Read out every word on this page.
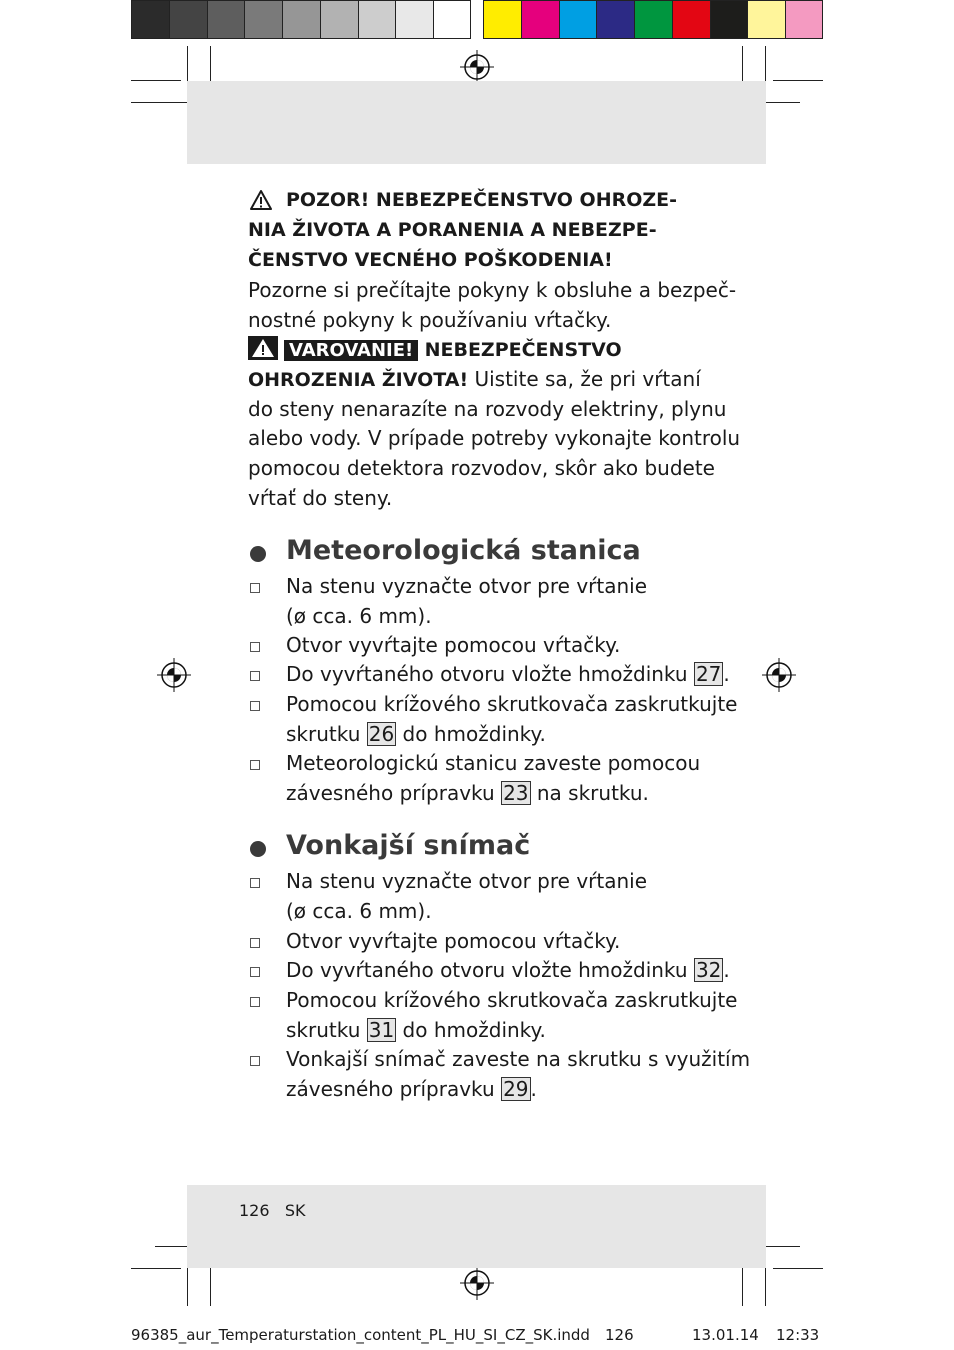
POZOR! NEBEZPEČENSTVO OHROZE-
NIA ŽIVOTA A PORANENIA A NEBEZPE-
ČENSTVO VECNÉHO POŠKODENIA!
Pozorne si prečítajte pokyny k obsluhe a bezpeč-
nostné pokyny k používaniu vŕtačky.
VAROVANIE! NEBEZPEČENSTVO
OHROZENIA ŽIVOTA! Uistite sa, že pri vŕtaní
do steny nenarazíte na rozvody elektriny, plynu
alebo vody. V prípade potreby vykonajte kontrolu
pomocou detektora rozvodov, skôr ako budete
vŕtať do steny.
Meteorologická stanica
Na stenu vyznačte otvor pre vŕtanie
(ø cca. 6 mm).
Otvor vyvŕtajte pomocou vŕtačky.
Do vyvŕtaného otvoru vložte hmoždinku 27 .
Pomocou krížového skrutkovača zaskrutkujte
skrutku 26 do hmoždinky.
Meteorologickú stanicu zaveste pomocou
závesného prípravku 23 na skrutku.
Vonkajší snímač
Na stenu vyznačte otvor pre vŕtanie
(ø cca. 6 mm).
Otvor vyvŕtajte pomocou vŕtačky.
Do vyvŕtaného otvoru vložte hmoždinku 32 .
Pomocou krížového skrutkovača zaskrutkujte
skrutku 31 do hmoždinky.
Vonkajší snímač zaveste na skrutku s využitím
závesného prípravku 29 .
126 SK
96385_aur_Temperaturstation_content_PL_HU_SI_CZ_SK.indd 126	13.01.14 12:33
